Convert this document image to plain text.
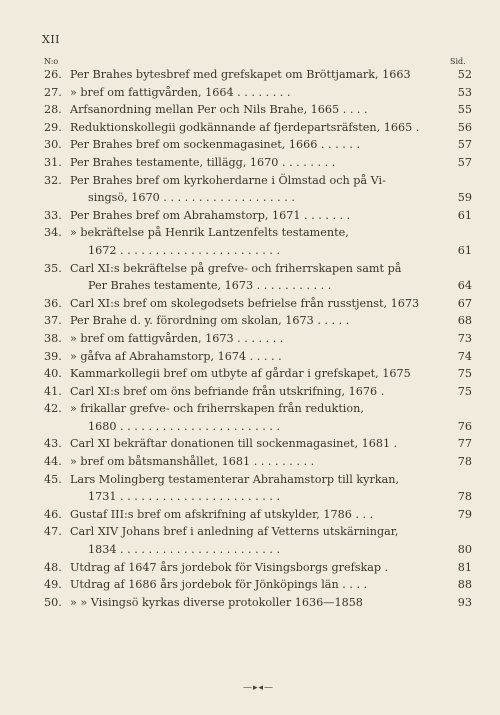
XII
N:o	Sid.
26. Per Brahes bytesbref med grefskapet om Bröttjamark, 1663	52
27. » bref om fattigvården, 1664 . . . . . . . .	53
28. Arfsanordning mellan Per och Nils Brahe, 1665 . . . .	55
29. Reduktionskollegii godkännande af fjerdepartsräfsten, 1665 .	56
30. Per Brahes bref om sockenmagasinet, 1666 . . . . . .	57
31. Per Brahes testamente, tillägg, 1670 . . . . . . . .	57
32. Per Brahes bref om kyrkoherdarne i Ölmstad och på Vi-
singsö, 1670 . . . . . . . . . . . . . . . . . . .	59
33. Per Brahes bref om Abrahamstorp, 1671 . . . . . . .	61
34. » bekräftelse på Henrik Lantzenfelts testamente,
1672 . . . . . . . . . . . . . . . . . . . . . . .	61
35. Carl XI:s bekräftelse på grefve- och friherrskapen samt på
Per Brahes testamente, 1673 . . . . . . . . . . .	64
36. Carl XI:s bref om skolegodsets befrielse från russtjenst, 1673	67
37. Per Brahe d. y. förordning om skolan, 1673 . . . . .	68
38. » bref om fattigvården, 1673 . . . . . . .	73
39. » gåfva af Abrahamstorp, 1674 . . . . .	74
40. Kammarkollegii bref om utbyte af gårdar i grefskapet, 1675	75
41. Carl XI:s bref om öns befriande från utskrifning, 1676 .	75
42. » frikallar grefve- och friherrskapen från reduktion,
1680 . . . . . . . . . . . . . . . . . . . . . . .	76
43. Carl XI bekräftar donationen till sockenmagasinet, 1681 .	77
44. » bref om båtsmanshållet, 1681 . . . . . . . . .	78
45. Lars Molingberg testamenterar Abrahamstorp till kyrkan,
1731 . . . . . . . . . . . . . . . . . . . . . . .	78
46. Gustaf III:s bref om afskrifning af utskylder, 1786 . . .	79
47. Carl XIV Johans bref i anledning af Vetterns utskärningar,
1834 . . . . . . . . . . . . . . . . . . . . . . .	80
48. Utdrag af 1647 års jordebok för Visingsborgs grefskap .	81
49. Utdrag af 1686 års jordebok för Jönköpings län . . . .	88
50. » » Visingsö kyrkas diverse protokoller 1636—1858	93
—▸◂—
